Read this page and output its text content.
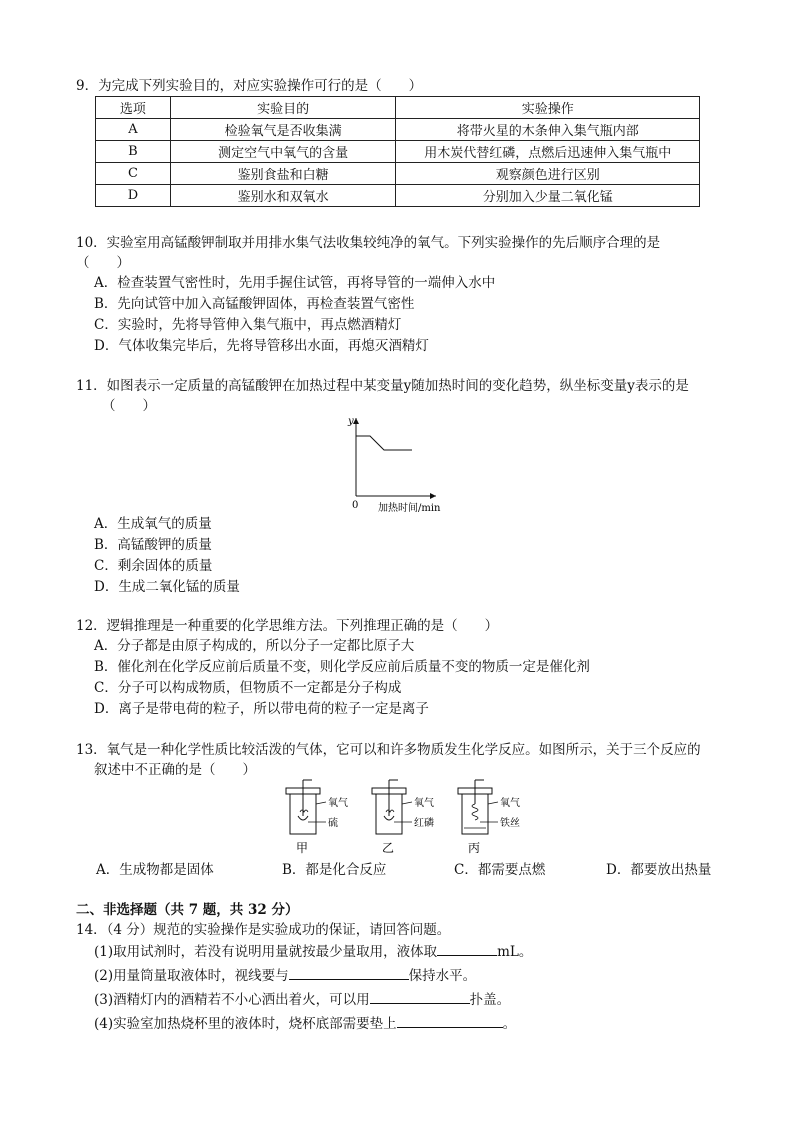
9．为完成下列实验目的，对应实验操作可行的是（　　）
选项	实验目的	实验操作
A	检验氧气是否收集满	将带火星的木条伸入集气瓶内部
B	测定空气中氧气的含量	用木炭代替红磷，点燃后迅速伸入集气瓶中
C	鉴别食盐和白糖	观察颜色进行区别
D	鉴别水和双氧水	分别加入少量二氧化锰
10．实验室用高锰酸钾制取并用排水集气法收集较纯净的氧气。下列实验操作的先后顺序合理的是
（　　）
A．检查装置气密性时，先用手握住试管，再将导管的一端伸入水中
B．先向试管中加入高锰酸钾固体，再检查装置气密性
C．实验时，先将导管伸入集气瓶中，再点燃酒精灯
D．气体收集完毕后，先将导管移出水面，再熄灭酒精灯
11．如图表示一定质量的高锰酸钾在加热过程中某变量y随加热时间的变化趋势，纵坐标变量y表示的是
（　　）
y
0 加热时间/min
A．生成氧气的质量
B．高锰酸钾的质量
C．剩余固体的质量
D．生成二氧化锰的质量
12．逻辑推理是一种重要的化学思维方法。下列推理正确的是（　　）
A．分子都是由原子构成的，所以分子一定都比原子大
B．催化剂在化学反应前后质量不变，则化学反应前后质量不变的物质一定是催化剂
C．分子可以构成物质，但物质不一定都是分子构成
D．离子是带电荷的粒子，所以带电荷的粒子一定是离子
13．氧气是一种化学性质比较活泼的气体，它可以和许多物质发生化学反应。如图所示，关于三个反应的
叙述中不正确的是（　　）
氧气
硫
甲
氧气
红磷
乙
氧气
铁丝
丙
A．生成物都是固体	B．都是化合反应	C．都需要点燃	D．都要放出热量
二、非选择题（共 7 题，共 32 分）
14．（4 分）规范的实验操作是实验成功的保证，请回答问题。
(1)取用试剂时，若没有说明用量就按最少量取用，液体取	mL。
(2)用量筒量取液体时，视线要与	保持水平。
(3)酒精灯内的酒精若不小心洒出着火，可以用	扑盖。
(4)实验室加热烧杯里的液体时，烧杯底部需要垫上	。
